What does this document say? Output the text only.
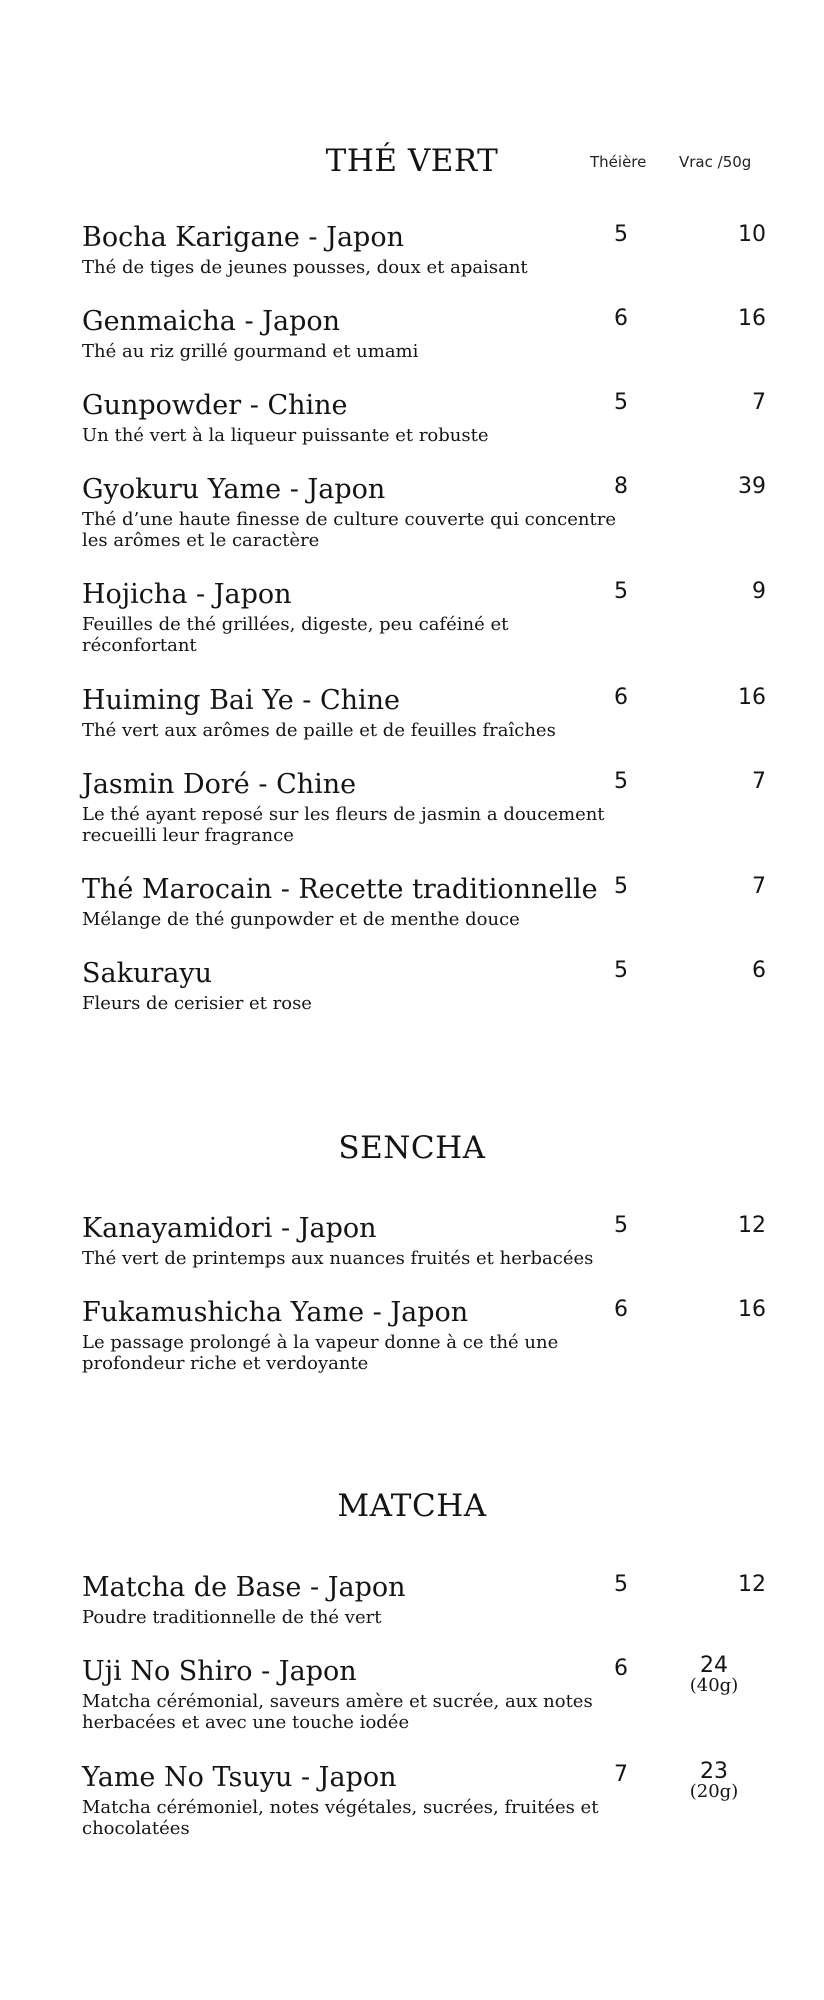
THÉ VERT	Théière Vrac /50g
Bocha Karigane - Japon	5	10
Thé de tiges de jeunes pousses, doux et apaisant
Genmaicha - Japon	6	16
Thé au riz grillé gourmand et umami
Gunpowder - Chine	5	7
Un thé vert à la liqueur puissante et robuste
Gyokuru Yame - Japon	8	39
Thé d’une haute finesse de culture couverte qui concentre les arômes et le caractère
Hojicha - Japon	5	9
Feuilles de thé grillées, digeste, peu caféiné et réconfortant
Huiming Bai Ye - Chine	6	16
Thé vert aux arômes de paille et de feuilles fraîches
Jasmin Doré - Chine	5	7
Le thé ayant reposé sur les fleurs de jasmin a doucement recueilli leur fragrance
Thé Marocain - Recette traditionnelle 5	7
Mélange de thé gunpowder et de menthe douce
Sakurayu	5	6
Fleurs de cerisier et rose
SENCHA
Kanayamidori - Japon	5	12
Thé vert de printemps aux nuances fruités et herbacées
Fukamushicha Yame - Japon	6	16
Le passage prolongé à la vapeur donne à ce thé une profondeur riche et verdoyante
MATCHA
Matcha de Base - Japon	5	12
Poudre traditionnelle de thé vert
Uji No Shiro - Japon	6	24
(40g)
Matcha cérémonial, saveurs amère et sucrée, aux notes herbacées et avec une touche iodée
Yame No Tsuyu - Japon	7	23
(20g)
Matcha cérémoniel, notes végétales, sucrées, fruitées et chocolatées
